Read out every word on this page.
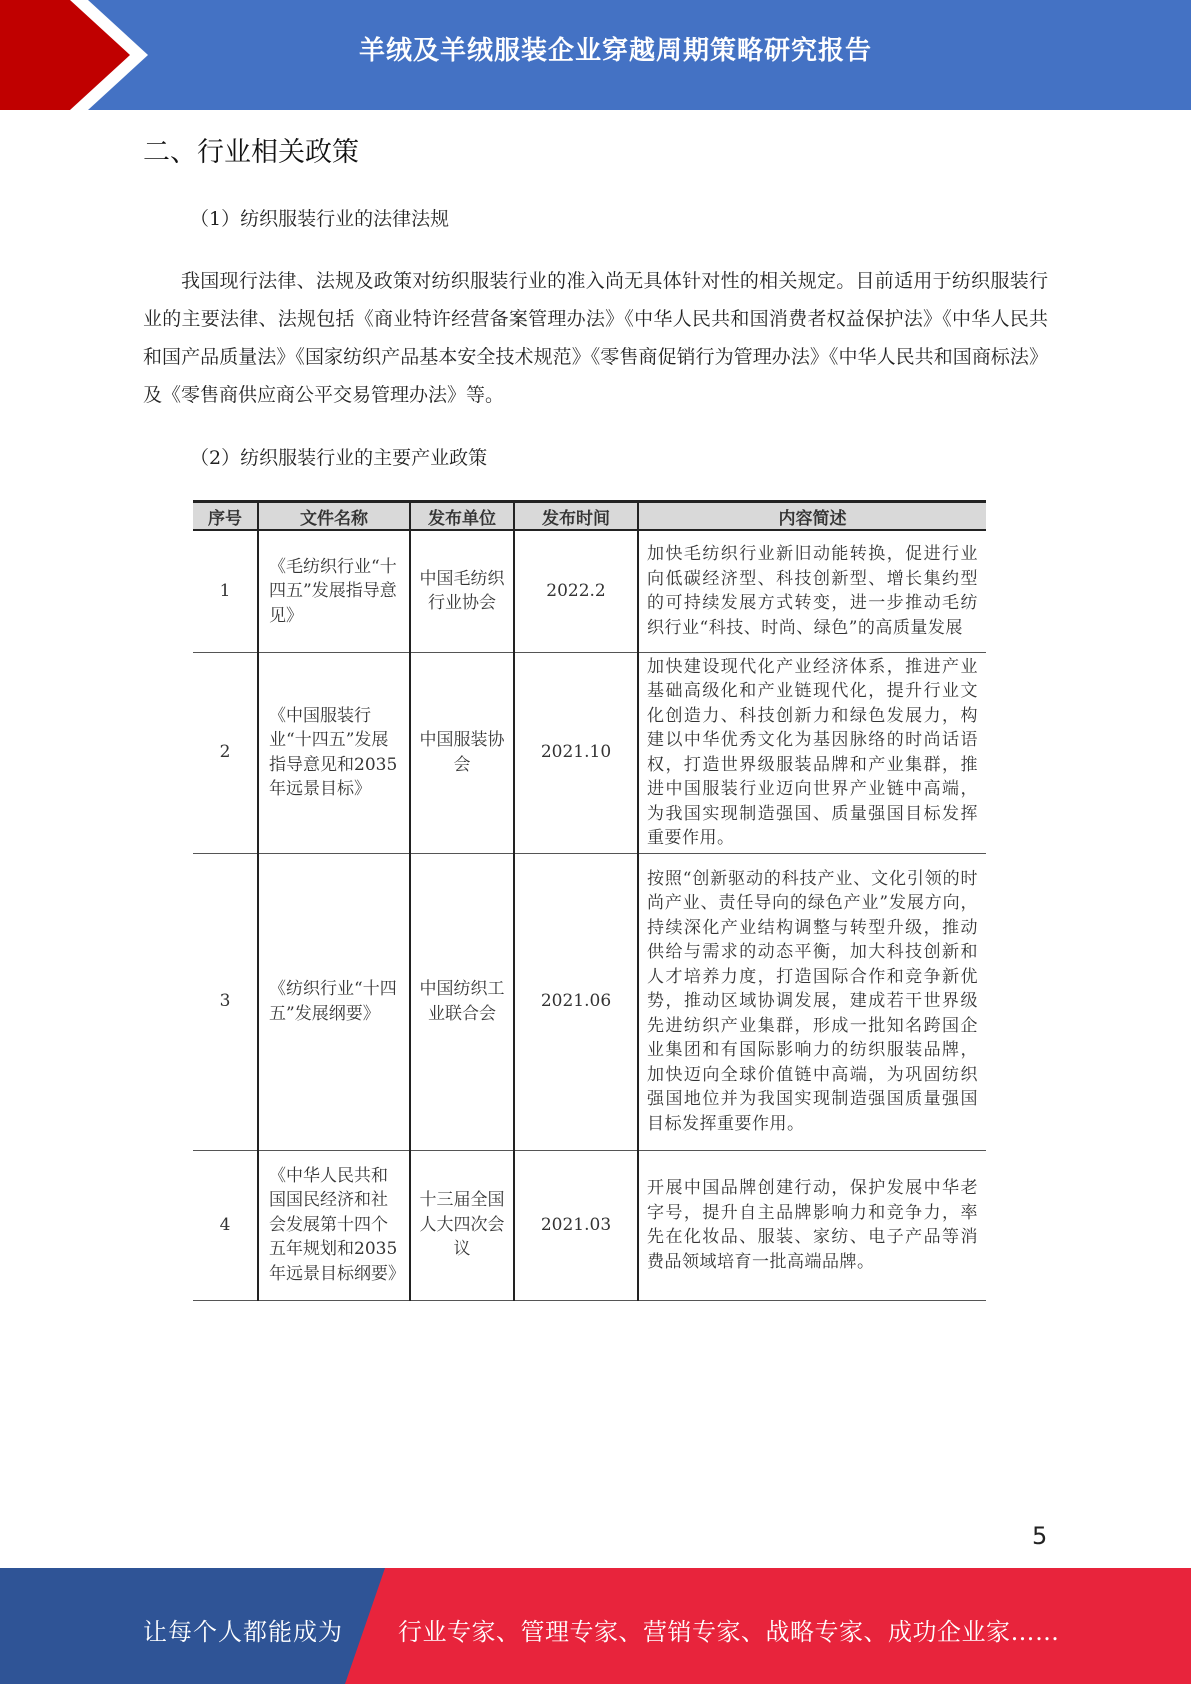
羊绒及羊绒服装企业穿越周期策略研究报告
二、行业相关政策
（1）纺织服装行业的法律法规
我国现行法律、法规及政策对纺织服装行业的准入尚无具体针对性的相关规定。目前适用于纺织服装行业的主要法律、法规包括《商业特许经营备案管理办法》《中华人民共和国消费者权益保护法》《中华人民共和国产品质量法》《国家纺织产品基本安全技术规范》《零售商促销行为管理办法》《中华人民共和国商标法》及《零售商供应商公平交易管理办法》等。
（2）纺织服装行业的主要产业政策
序号	文件名称	发布单位	发布时间	内容简述
1	《毛纺织行业“十四五”发展指导意见》	中国毛纺织行业协会	2022.2	加快毛纺织行业新旧动能转换，促进行业向低碳经济型、科技创新型、增长集约型的可持续发展方式转变，进一步推动毛纺织行业“科技、时尚、绿色”的高质量发展
2	《中国服装行业“十四五”发展指导意见和2035年远景目标》	中国服装协会	2021.10	加快建设现代化产业经济体系，推进产业基础高级化和产业链现代化，提升行业文化创造力、科技创新力和绿色发展力，构建以中华优秀文化为基因脉络的时尚话语权，打造世界级服装品牌和产业集群，推进中国服装行业迈向世界产业链中高端，为我国实现制造强国、质量强国目标发挥重要作用。
3	《纺织行业“十四五”发展纲要》	中国纺织工业联合会	2021.06	按照“创新驱动的科技产业、文化引领的时尚产业、责任导向的绿色产业”发展方向，持续深化产业结构调整与转型升级，推动供给与需求的动态平衡，加大科技创新和人才培养力度，打造国际合作和竞争新优势，推动区域协调发展，建成若干世界级先进纺织产业集群，形成一批知名跨国企业集团和有国际影响力的纺织服装品牌，加快迈向全球价值链中高端，为巩固纺织强国地位并为我国实现制造强国质量强国目标发挥重要作用。
4	《中华人民共和国国民经济和社会发展第十四个五年规划和2035年远景目标纲要》	十三届全国人大四次会议	2021.03	开展中国品牌创建行动，保护发展中华老字号，提升自主品牌影响力和竞争力，率先在化妆品、服装、家纺、电子产品等消费品领域培育一批高端品牌。
5
让每个人都能成为 行业专家、管理专家、营销专家、战略专家、成功企业家……
